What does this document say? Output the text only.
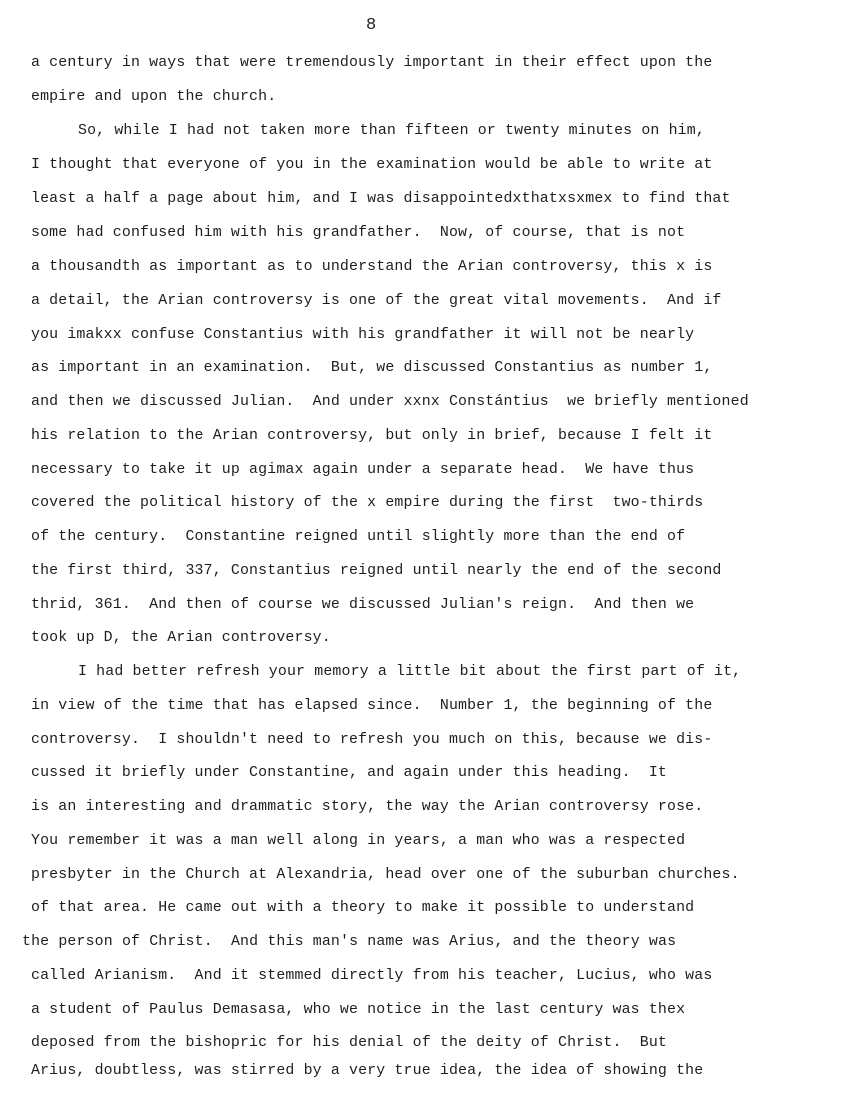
8
a century in ways that were tremendously important in their effect upon the
empire and upon the church.
So, while I had not taken more than fifteen or twenty minutes on him,
I thought that everyone of you in the examination would be able to write at
least a half a page about him, and I was disappointedxthatxsxmex to find that
some had confused him with his grandfather.  Now, of course, that is not
a thousandth as important as to understand the Arian controversy, this x is
a detail, the Arian controversy is one of the great vital movements.  And if
you imakxx confuse Constantius with his grandfather it will not be nearly
as important in an examination.  But, we discussed Constantius as number 1,
and then we discussed Julian.  And under xxnx Constántius  we briefly mentioned
his relation to the Arian controversy, but only in brief, because I felt it
necessary to take it up agimax again under a separate head.  We have thus
covered the political history of the x empire during the first  two-thirds
of the century.  Constantine reigned until slightly more than the end of
the first third, 337, Constantius reigned until nearly the end of the second
thrid, 361.  And then of course we discussed Julian's reign.  And then we
took up D, the Arian controversy.
I had better refresh your memory a little bit about the first part of it,
in view of the time that has elapsed since.  Number 1, the beginning of the
controversy.  I shouldn't need to refresh you much on this, because we dis-
cussed it briefly under Constantine, and again under this heading.  It
is an interesting and drammatic story, the way the Arian controversy rose.
You remember it was a man well along in years, a man who was a respected
presbyter in the Church at Alexandria, head over one of the suburban churches.
of that area. He came out with a theory to make it possible to understand
the person of Christ.  And this man's name was Arius, and the theory was
called Arianism.  And it stemmed directly from his teacher, Lucius, who was
a student of Paulus Demasasa, who we notice in the last century was thex
deposed from the bishopric for his denial of the deity of Christ.  But
Arius, doubtless, was stirred by a very true idea, the idea of showing the
